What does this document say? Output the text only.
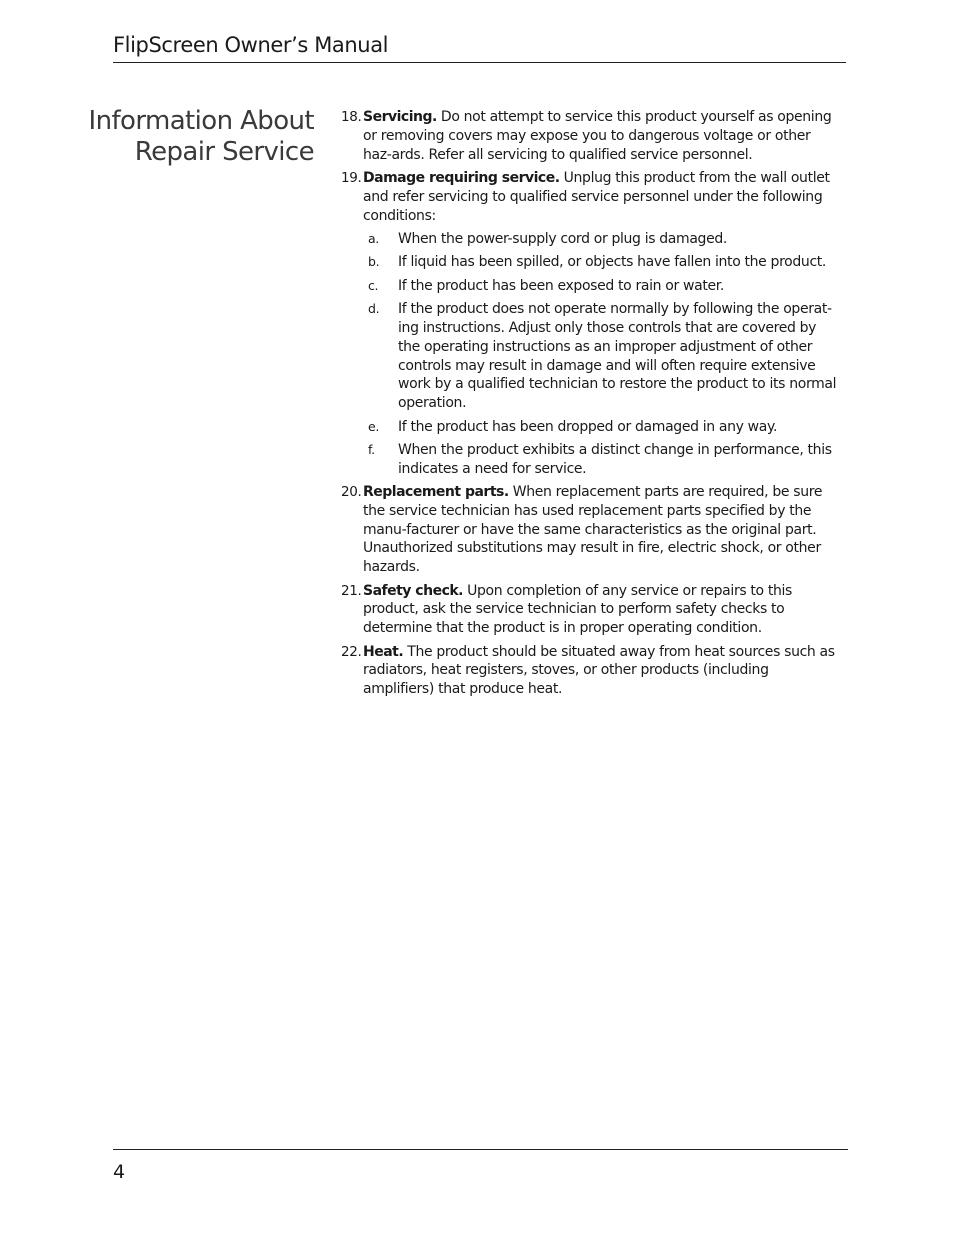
FlipScreen Owner’s Manual
Information About
Repair Service
18. Servicing. Do not attempt to service this product yourself as opening or removing covers may expose you to dangerous voltage or other haz-ards. Refer all servicing to qualified service personnel.
19. Damage requiring service. Unplug this product from the wall outlet and refer servicing to qualified service personnel under the following conditions:
a. When the power-supply cord or plug is damaged.
b. If liquid has been spilled, or objects have fallen into the product.
c. If the product has been exposed to rain or water.
d. If the product does not operate normally by following the operat-ing instructions. Adjust only those controls that are covered by the operating instructions as an improper adjustment of other controls may result in damage and will often require extensive work by a qualified technician to restore the product to its normal operation.
e. If the product has been dropped or damaged in any way.
f. When the product exhibits a distinct change in performance, this indicates a need for service.
20. Replacement parts. When replacement parts are required, be sure the service technician has used replacement parts specified by the manu-facturer or have the same characteristics as the original part. Unauthorized substitutions may result in fire, electric shock, or other hazards.
21. Safety check. Upon completion of any service or repairs to this product, ask the service technician to perform safety checks to determine that the product is in proper operating condition.
22. Heat. The product should be situated away from heat sources such as radiators, heat registers, stoves, or other products (including amplifiers) that produce heat.
4
